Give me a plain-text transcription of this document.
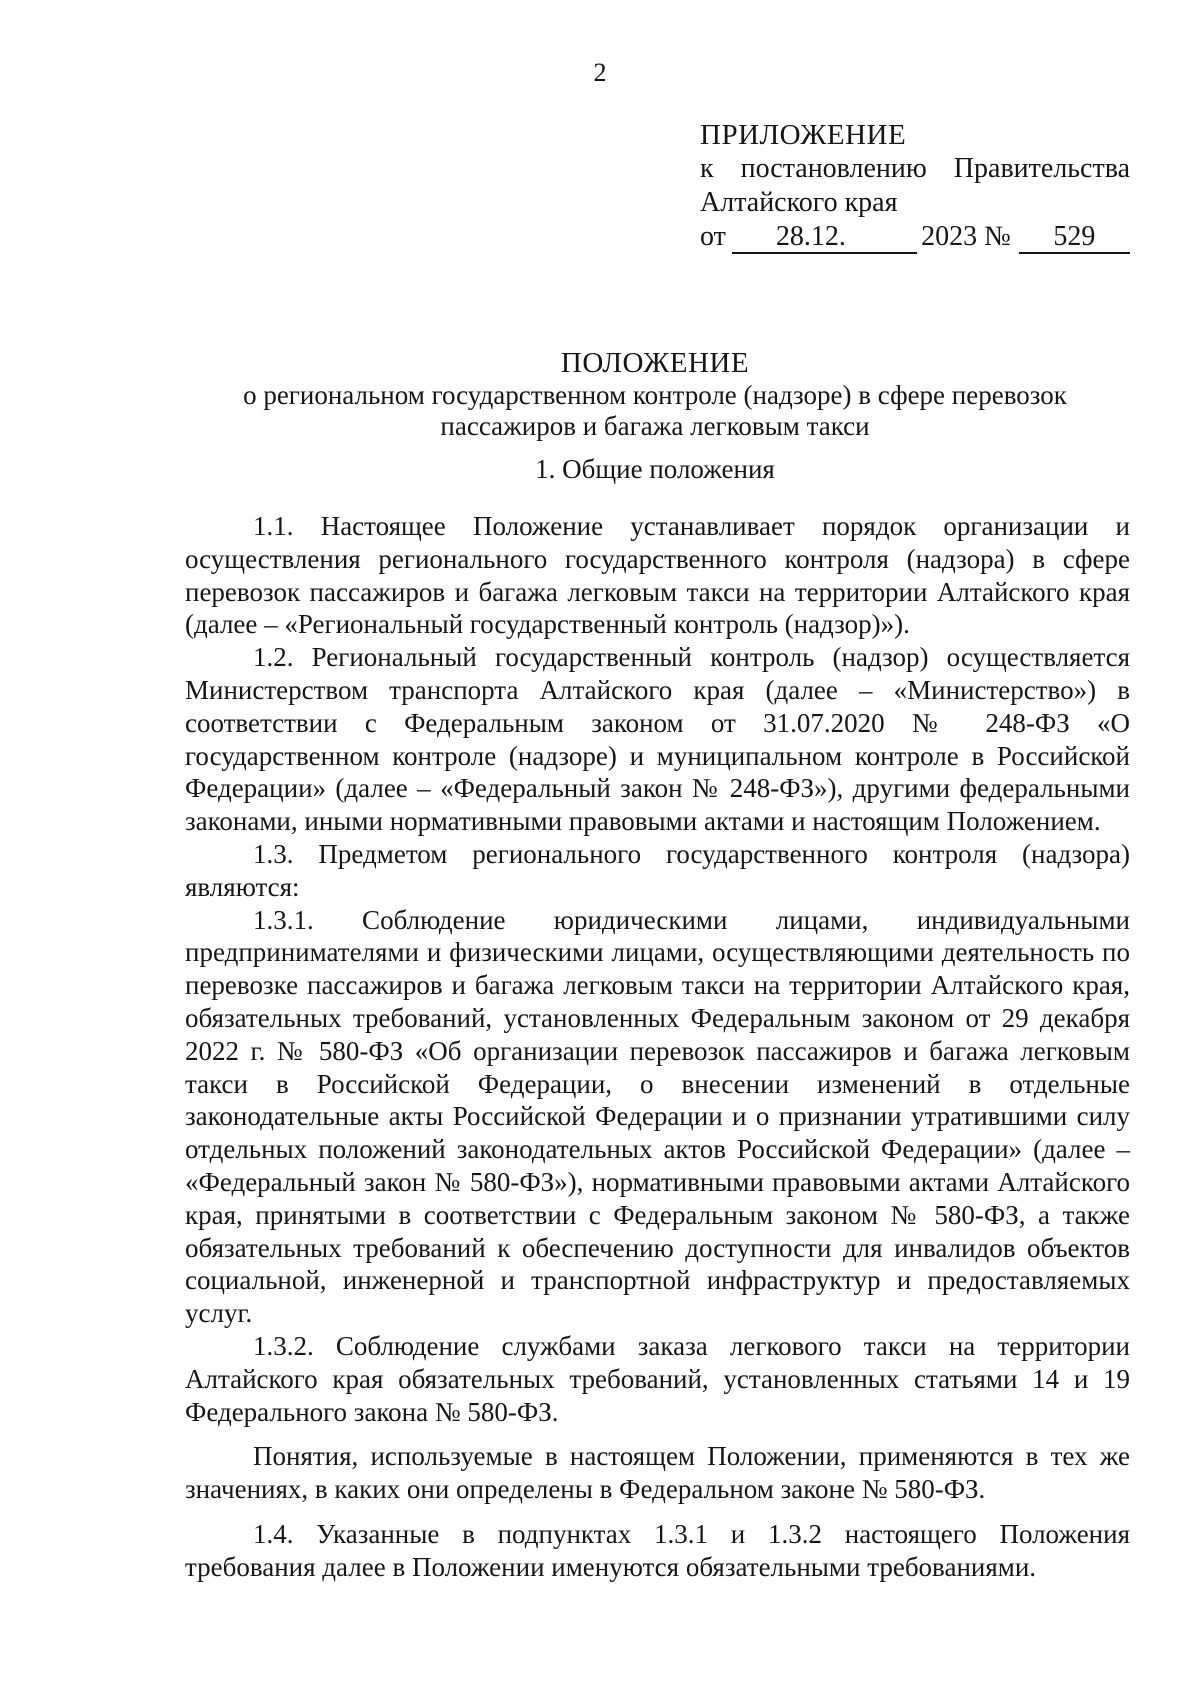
2
ПРИЛОЖЕНИЕ
к постановлению Правительства
Алтайского края
от	28.12.	2023 №	529
ПОЛОЖЕНИЕ
о региональном государственном контроле (надзоре) в сфере перевозок
пассажиров и багажа легковым такси
1. Общие положения

1.1. Настоящее Положение устанавливает порядок организации и осуществления регионального государственного контроля (надзора) в сфере перевозок пассажиров и багажа легковым такси на территории Алтайского края (далее – «Региональный государственный контроль (надзор)»).

1.2. Региональный государственный контроль (надзор) осуществляется Министерством транспорта Алтайского края (далее – «Министерство») в соответствии с Федеральным законом от 31.07.2020 № 248-ФЗ «О государственном контроле (надзоре) и муниципальном контроле в Российской Федерации» (далее – «Федеральный закон № 248-ФЗ»), другими федеральными законами, иными нормативными правовыми актами и настоящим Положением.

1.3. Предметом регионального государственного контроля (надзора) являются:

1.3.1. Соблюдение юридическими лицами, индивидуальными предпринимателями и физическими лицами, осуществляющими деятельность по перевозке пассажиров и багажа легковым такси на территории Алтайского края, обязательных требований, установленных Федеральным законом от 29 декабря 2022 г. № 580-ФЗ «Об организации перевозок пассажиров и багажа легковым такси в Российской Федерации, о внесении изменений в отдельные законодательные акты Российской Федерации и о признании утратившими силу отдельных положений законодательных актов Российской Федерации» (далее – «Федеральный закон № 580-ФЗ»), нормативными правовыми актами Алтайского края, принятыми в соответствии с Федеральным законом № 580-ФЗ, а также обязательных требований к обеспечению доступности для инвалидов объектов социальной, инженерной и транспортной инфраструктур и предоставляемых услуг.

1.3.2. Соблюдение службами заказа легкового такси на территории Алтайского края обязательных требований, установленных статьями 14 и 19 Федерального закона № 580-ФЗ.

Понятия, используемые в настоящем Положении, применяются в тех же значениях, в каких они определены в Федеральном законе № 580-ФЗ.

1.4. Указанные в подпунктах 1.3.1 и 1.3.2 настоящего Положения требования далее в Положении именуются обязательными требованиями.
